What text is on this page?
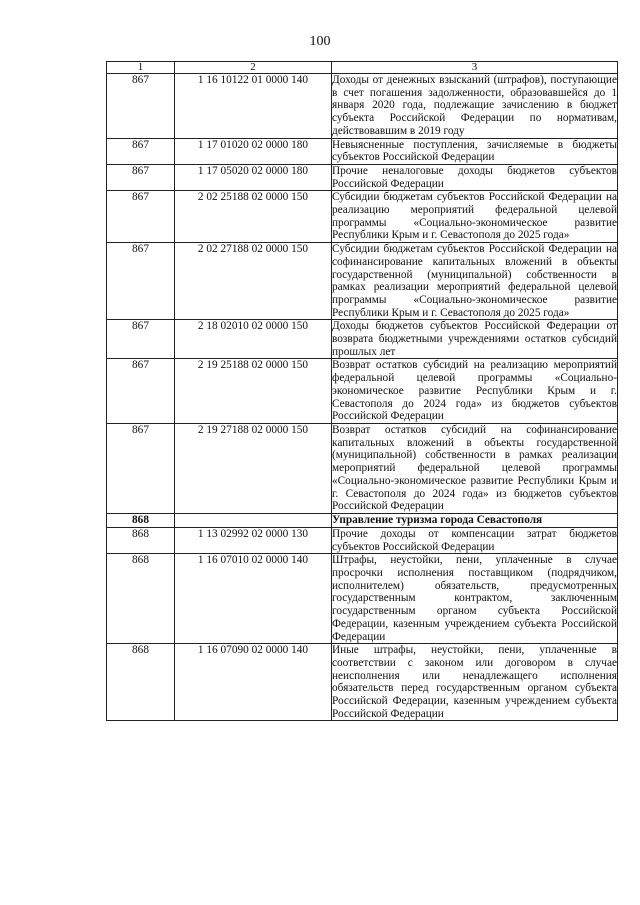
100
1	2	3
867	1 16 10122 01 0000 140	Доходы от денежных взысканий (штрафов), поступающие в счет погашения задолженности, образовавшейся до 1 января 2020 года, подлежащие зачислению в бюджет субъекта Российской Федерации по нормативам, действовавшим в 2019 году
867	1 17 01020 02 0000 180	Невыясненные поступления, зачисляемые в бюджеты субъектов Российской Федерации
867	1 17 05020 02 0000 180	Прочие неналоговые доходы бюджетов субъектов Российской Федерации
867	2 02 25188 02 0000 150	Субсидии бюджетам субъектов Российской Федерации на реализацию мероприятий федеральной целевой программы «Социально-экономическое развитие Республики Крым и г. Севастополя до 2025 года»
867	2 02 27188 02 0000 150	Субсидии бюджетам субъектов Российской Федерации на софинансирование капитальных вложений в объекты государственной (муниципальной) собственности в рамках реализации мероприятий федеральной целевой программы «Социально-экономическое развитие Республики Крым и г. Севастополя до 2025 года»
867	2 18 02010 02 0000 150	Доходы бюджетов субъектов Российской Федерации от возврата бюджетными учреждениями остатков субсидий прошлых лет
867	2 19 25188 02 0000 150	Возврат остатков субсидий на реализацию мероприятий федеральной целевой программы «Социально-экономическое развитие Республики Крым и г. Севастополя до 2024 года» из бюджетов субъектов Российской Федерации
867	2 19 27188 02 0000 150	Возврат остатков субсидий на софинансирование капитальных вложений в объекты государственной (муниципальной) собственности в рамках реализации мероприятий федеральной целевой программы «Социально-экономическое развитие Республики Крым и г. Севастополя до 2024 года» из бюджетов субъектов Российской Федерации
868		Управление туризма города Севастополя
868	1 13 02992 02 0000 130	Прочие доходы от компенсации затрат бюджетов субъектов Российской Федерации
868	1 16 07010 02 0000 140	Штрафы, неустойки, пени, уплаченные в случае просрочки исполнения поставщиком (подрядчиком, исполнителем) обязательств, предусмотренных государственным контрактом, заключенным государственным органом субъекта Российской Федерации, казенным учреждением субъекта Российской Федерации
868	1 16 07090 02 0000 140	Иные штрафы, неустойки, пени, уплаченные в соответствии с законом или договором в случае неисполнения или ненадлежащего исполнения обязательств перед государственным органом субъекта Российской Федерации, казенным учреждением субъекта Российской Федерации
